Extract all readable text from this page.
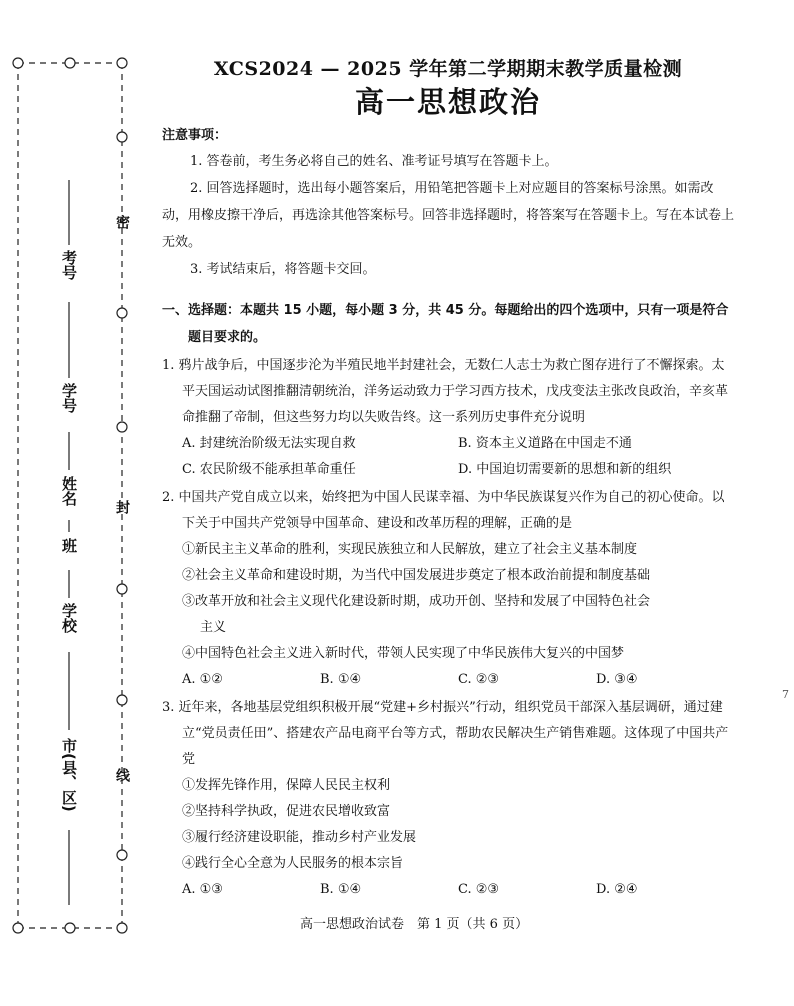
考号
学号
姓名
班
学校
市(县、区)
密
封
线
XCS2024 — 2025 学年第二学期期末教学质量检测
高一思想政治
注意事项：
1. 答卷前，考生务必将自己的姓名、准考证号填写在答题卡上。
2. 回答选择题时，选出每小题答案后，用铅笔把答题卡上对应题目的答案标号涂黑。如需改动，用橡皮擦干净后，再选涂其他答案标号。回答非选择题时，将答案写在答题卡上。写在本试卷上无效。
3. 考试结束后，将答题卡交回。
一、选择题：本题共 15 小题，每小题 3 分，共 45 分。每题给出的四个选项中，只有一项是符合题目要求的。
1. 鸦片战争后，中国逐步沦为半殖民地半封建社会，无数仁人志士为救亡图存进行了不懈探索。太平天国运动试图推翻清朝统治，洋务运动致力于学习西方技术，戊戌变法主张改良政治，辛亥革命推翻了帝制，但这些努力均以失败告终。这一系列历史事件充分说明
A. 封建统治阶级无法实现自救	B. 资本主义道路在中国走不通
C. 农民阶级不能承担革命重任	D. 中国迫切需要新的思想和新的组织
2. 中国共产党自成立以来，始终把为中国人民谋幸福、为中华民族谋复兴作为自己的初心使命。以下关于中国共产党领导中国革命、建设和改革历程的理解，正确的是
①新民主主义革命的胜利，实现民族独立和人民解放，建立了社会主义基本制度
②社会主义革命和建设时期，为当代中国发展进步奠定了根本政治前提和制度基础
③改革开放和社会主义现代化建设新时期，成功开创、坚持和发展了中国特色社会
主义
④中国特色社会主义进入新时代，带领人民实现了中华民族伟大复兴的中国梦
A. ①②	B. ①④	C. ②③	D. ③④
3. 近年来，各地基层党组织积极开展“党建+乡村振兴”行动，组织党员干部深入基层调研，通过建立“党员责任田”、搭建农产品电商平台等方式，帮助农民解决生产销售难题。这体现了中国共产党
①发挥先锋作用，保障人民民主权利
②坚持科学执政，促进农民增收致富
③履行经济建设职能，推动乡村产业发展
④践行全心全意为人民服务的根本宗旨
A. ①③	B. ①④	C. ②③	D. ②④
高一思想政治试卷　第 1 页（共 6 页）
7
